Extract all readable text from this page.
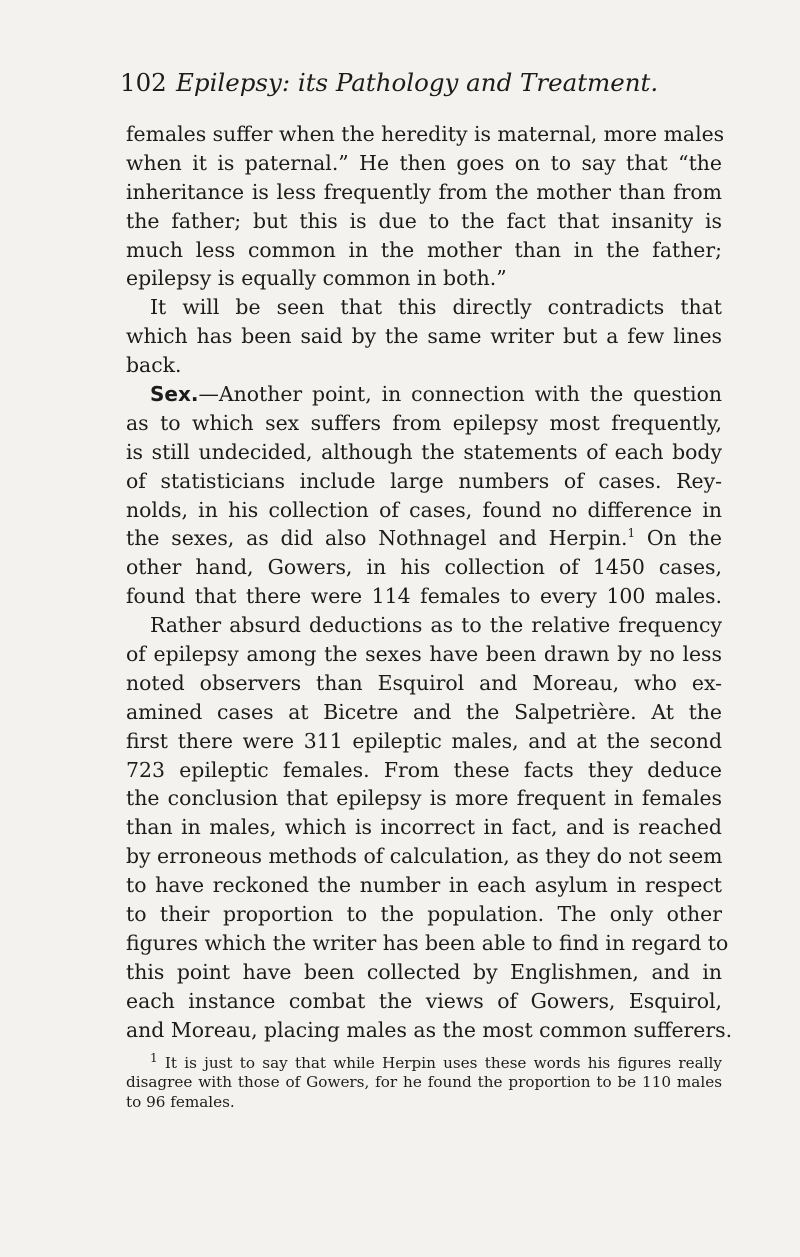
102 Epilepsy: its Pathology and Treatment.
females suffer when the heredity is maternal, more males
when it is paternal.” He then goes on to say that “the
inheritance is less frequently from the mother than from
the father; but this is due to the fact that insanity is
much less common in the mother than in the father;
epilepsy is equally common in both.”
It will be seen that this directly contradicts that
which has been said by the same writer but a few lines
back.
Sex.—Another point, in connection with the question
as to which sex suffers from epilepsy most frequently,
is still undecided, although the statements of each body
of statisticians include large numbers of cases. Rey-
nolds, in his collection of cases, found no difference in
the sexes, as did also Nothnagel and Herpin.$^1$ On the
other hand, Gowers, in his collection of 1450 cases,
found that there were 114 females to every 100 males.
Rather absurd deductions as to the relative frequency
of epilepsy among the sexes have been drawn by no less
noted observers than Esquirol and Moreau, who ex-
amined cases at Bicetre and the Salpetrière. At the
first there were 311 epileptic males, and at the second
723 epileptic females. From these facts they deduce
the conclusion that epilepsy is more frequent in females
than in males, which is incorrect in fact, and is reached
by erroneous methods of calculation, as they do not seem
to have reckoned the number in each asylum in respect
to their proportion to the population. The only other
figures which the writer has been able to find in regard to
this point have been collected by Englishmen, and in
each instance combat the views of Gowers, Esquirol,
and Moreau, placing males as the most common sufferers.
$^1$ It is just to say that while Herpin uses these words his figures really
disagree with those of Gowers, for he found the proportion to be 110 males
to 96 females.
